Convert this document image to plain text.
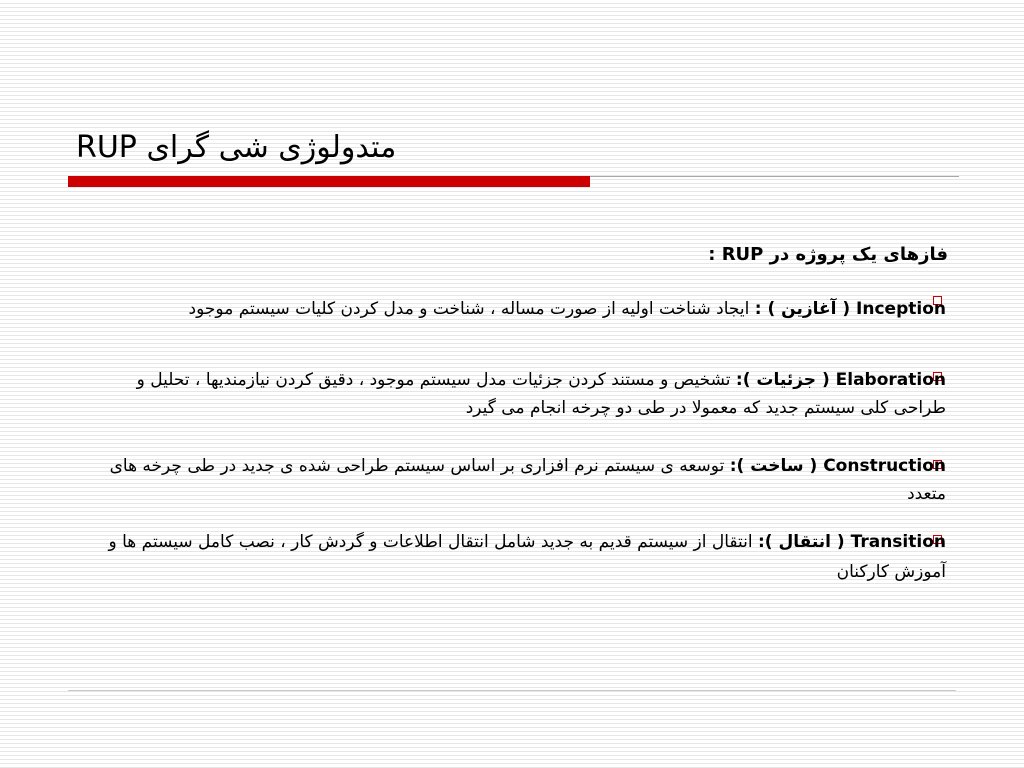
متدولوژی شی گرای RUP
فازهای یک پروژه در RUP :
Inception ( آغازین ) : ایجاد شناخت اولیه از صورت مساله ، شناخت و مدل کردن کلیات سیستم موجود
Elaboration ( جزئیات ): تشخیص و مستند کردن جزئیات مدل سیستم موجود ، دقیق کردن نیازمندیها ، تحلیل و طراحی کلی سیستم جدید که معمولا در طی دو چرخه انجام می گیرد
Construction ( ساخت ): توسعه ی سیستم نرم افزاری بر اساس سیستم طراحی شده ی جدید در طی چرخه های متعدد
Transition ( انتقال ): انتقال از سیستم قدیم به جدید شامل انتقال اطلاعات و گردش کار ، نصب کامل سیستم ها و آموزش کارکنان
